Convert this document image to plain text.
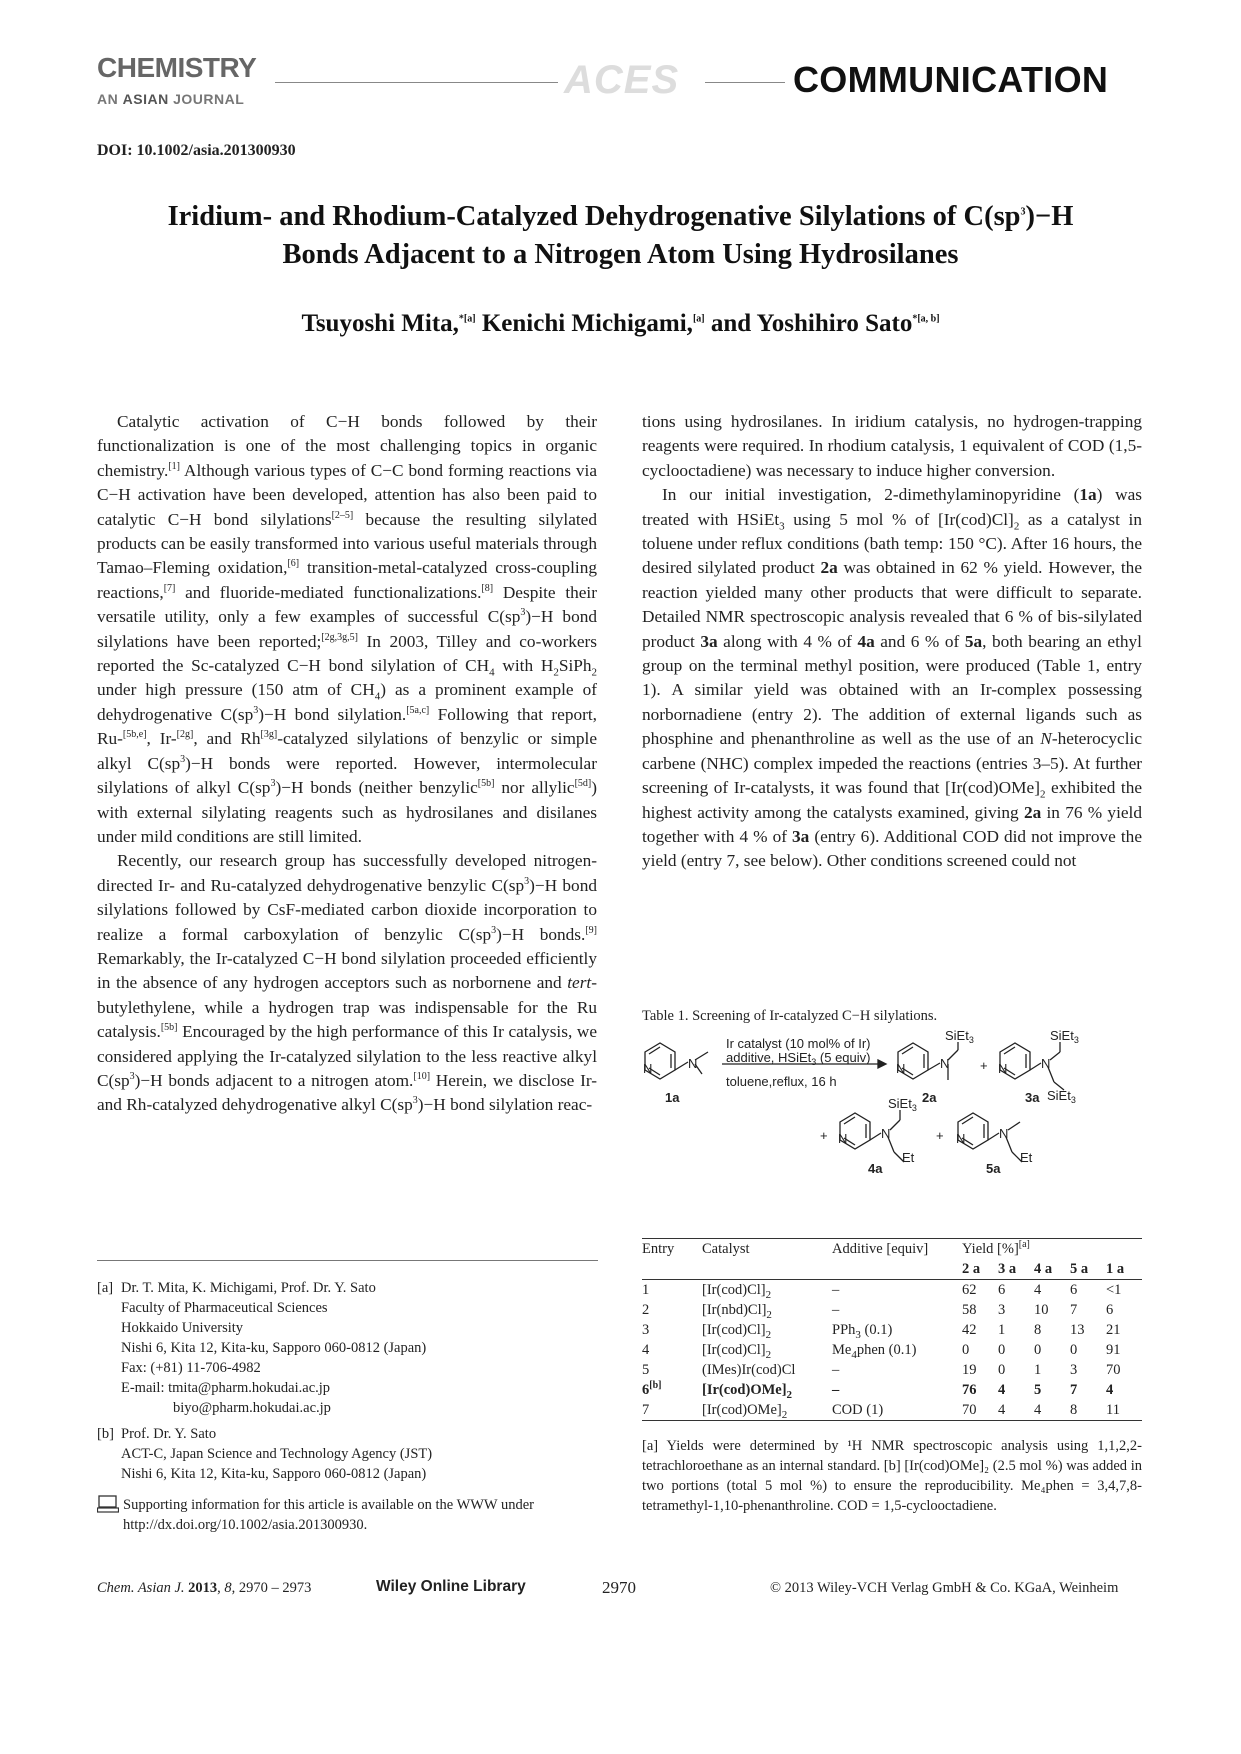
CHEMISTRY
AN ASIAN JOURNAL	ACES	COMMUNICATION
DOI: 10.1002/asia.201300930
Iridium- and Rhodium-Catalyzed Dehydrogenative Silylations of $C(sp^3)-H$
Bonds Adjacent to a Nitrogen Atom Using Hydrosilanes
Tsuyoshi Mita,$^{*[a]}$ Kenichi Michigami,[a] and Yoshihiro Sato$^{*[a, b]}$

Catalytic activation of C−H bonds followed by their functionalization is one of the most challenging topics in organic chemistry.[1] Although various types of C−C bond forming reactions via C−H activation have been developed, attention has also been paid to catalytic C−H bond silylations[2–5] because the resulting silylated products can be easily transformed into various useful materials through Tamao–Fleming oxidation,[6] transition-metal-catalyzed cross-coupling reactions,[7] and fluoride-mediated functionalizations.[8] Despite their versatile utility, only a few examples of successful $C(sp^3)-H$ bond silylations have been reported;[2g,3g,5] In 2003, Tilley and co-workers reported the Sc-catalyzed C−H bond silylation of $CH_4$ with $H_2SiPh_2$ under high pressure (150 atm of $CH_4$) as a prominent example of dehydrogenative $C(sp^3)-H$ bond silylation.[5a,c] Following that report, Ru-[5b,e], Ir-[2g], and Rh[3g]-catalyzed silylations of benzylic or simple alkyl $C(sp^3)-H$ bonds were reported. However, intermolecular silylations of alkyl $C(sp^3)-H$ bonds (neither benzylic[5b] nor allylic[5d]) with external silylating reagents such as hydrosilanes and disilanes under mild conditions are still limited.

Recently, our research group has successfully developed nitrogen-directed Ir- and Ru-catalyzed dehydrogenative benzylic $C(sp^3)-H$ bond silylations followed by CsF-mediated carbon dioxide incorporation to realize a formal carboxylation of benzylic $C(sp^3)-H$ bonds.[9] Remarkably, the Ir-catalyzed C−H bond silylation proceeded efficiently in the absence of any hydrogen acceptors such as norbornene and tert-butylethylene, while a hydrogen trap was indispensable for the Ru catalysis.[5b] Encouraged by the high performance of this Ir catalysis, we considered applying the Ir-catalyzed silylation to the less reactive alkyl $C(sp^3)-H$ bonds adjacent to a nitrogen atom.[10] Herein, we disclose Ir- and Rh-catalyzed dehydrogenative alkyl $C(sp^3)-H$ bond silylation reac-

[a] Dr. T. Mita, K. Michigami, Prof. Dr. Y. Sato
Faculty of Pharmaceutical Sciences
Hokkaido University
Nishi 6, Kita 12, Kita-ku, Sapporo 060-0812 (Japan)
Fax: (+81) 11-706-4982
E-mail: tmita@pharm.hokudai.ac.jp
biyo@pharm.hokudai.ac.jp
[b] Prof. Dr. Y. Sato
ACT-C, Japan Science and Technology Agency (JST)
Nishi 6, Kita 12, Kita-ku, Sapporo 060-0812 (Japan)
Supporting information for this article is available on the WWW under http://dx.doi.org/10.1002/asia.201300930.

tions using hydrosilanes. In iridium catalysis, no hydrogen-trapping reagents were required. In rhodium catalysis, 1 equivalent of COD (1,5-cyclooctadiene) was necessary to induce higher conversion.

In our initial investigation, 2-dimethylaminopyridine (1a) was treated with HSiEt$_3$ using 5 mol % of $[Ir(cod)Cl]_2$ as a catalyst in toluene under reflux conditions (bath temp: 150 °C). After 16 hours, the desired silylated product 2a was obtained in 62 % yield. However, the reaction yielded many other products that were difficult to separate. Detailed NMR spectroscopic analysis revealed that 6 % of bis-silylated product 3a along with 4 % of 4a and 6 % of 5a, both bearing an ethyl group on the terminal methyl position, were produced (Table 1, entry 1). A similar yield was obtained with an Ir-complex possessing norbornadiene (entry 2). The addition of external ligands such as phosphine and phenanthroline as well as the use of an N-heterocyclic carbene (NHC) complex impeded the reactions (entries 3–5). At further screening of Ir-catalysts, it was found that $[Ir(cod)OMe]_2$ exhibited the highest activity among the catalysts examined, giving 2a in 76 % yield together with 4 % of 3a (entry 6). Additional COD did not improve the yield (entry 7, see below). Other conditions screened could not

Table 1. Screening of Ir-catalyzed C−H silylations.
N	N
1a
Ir catalyst (10 mol% of Ir)
additive, HSiEt$_3$ (5 equiv)
toluene,reflux, 16 h
N	N
SiEt$_3$
2a
+ N	N
SiEt$_3$
SiEt$_3$
3a
+ N	N
SiEt$_3$
Et
4a
+ N	N
Et
5a
Entry	Catalyst	Additive [equiv]	Yield [%][a]
			2 a	3 a	4 a	5 a	1 a
1	$[Ir(cod)Cl]_2$	–	62	6	4	6	<1
2	$[Ir(nbd)Cl]_2$	–	58	3	10	7	6
3	$[Ir(cod)Cl]_2$	PPh$_3$ (0.1)	42	1	8	13	21
4	$[Ir(cod)Cl]_2$	$Me_4phen$ (0.1)	0	0	0	0	91
5	(IMes)Ir(cod)Cl	–	19	0	1	3	70
6[b]	$[Ir(cod)OMe]_2$	–	76	4	5	7	4
7	$[Ir(cod)OMe]_2$	COD (1)	70	4	4	8	11
[a] Yields were determined by ¹H NMR spectroscopic analysis using 1,1,2,2-tetrachloroethane as an internal standard. [b] [Ir(cod)OMe]₂ (2.5 mol %) was added in two portions (total 5 mol %) to ensure the reproducibility. Me₄phen = 3,4,7,8-tetramethyl-1,10-phenanthroline. COD = 1,5-cyclooctadiene.
Chem. Asian J. 2013, 8, 2970 – 2973	Wiley Online Library	2970	© 2013 Wiley-VCH Verlag GmbH & Co. KGaA, Weinheim
